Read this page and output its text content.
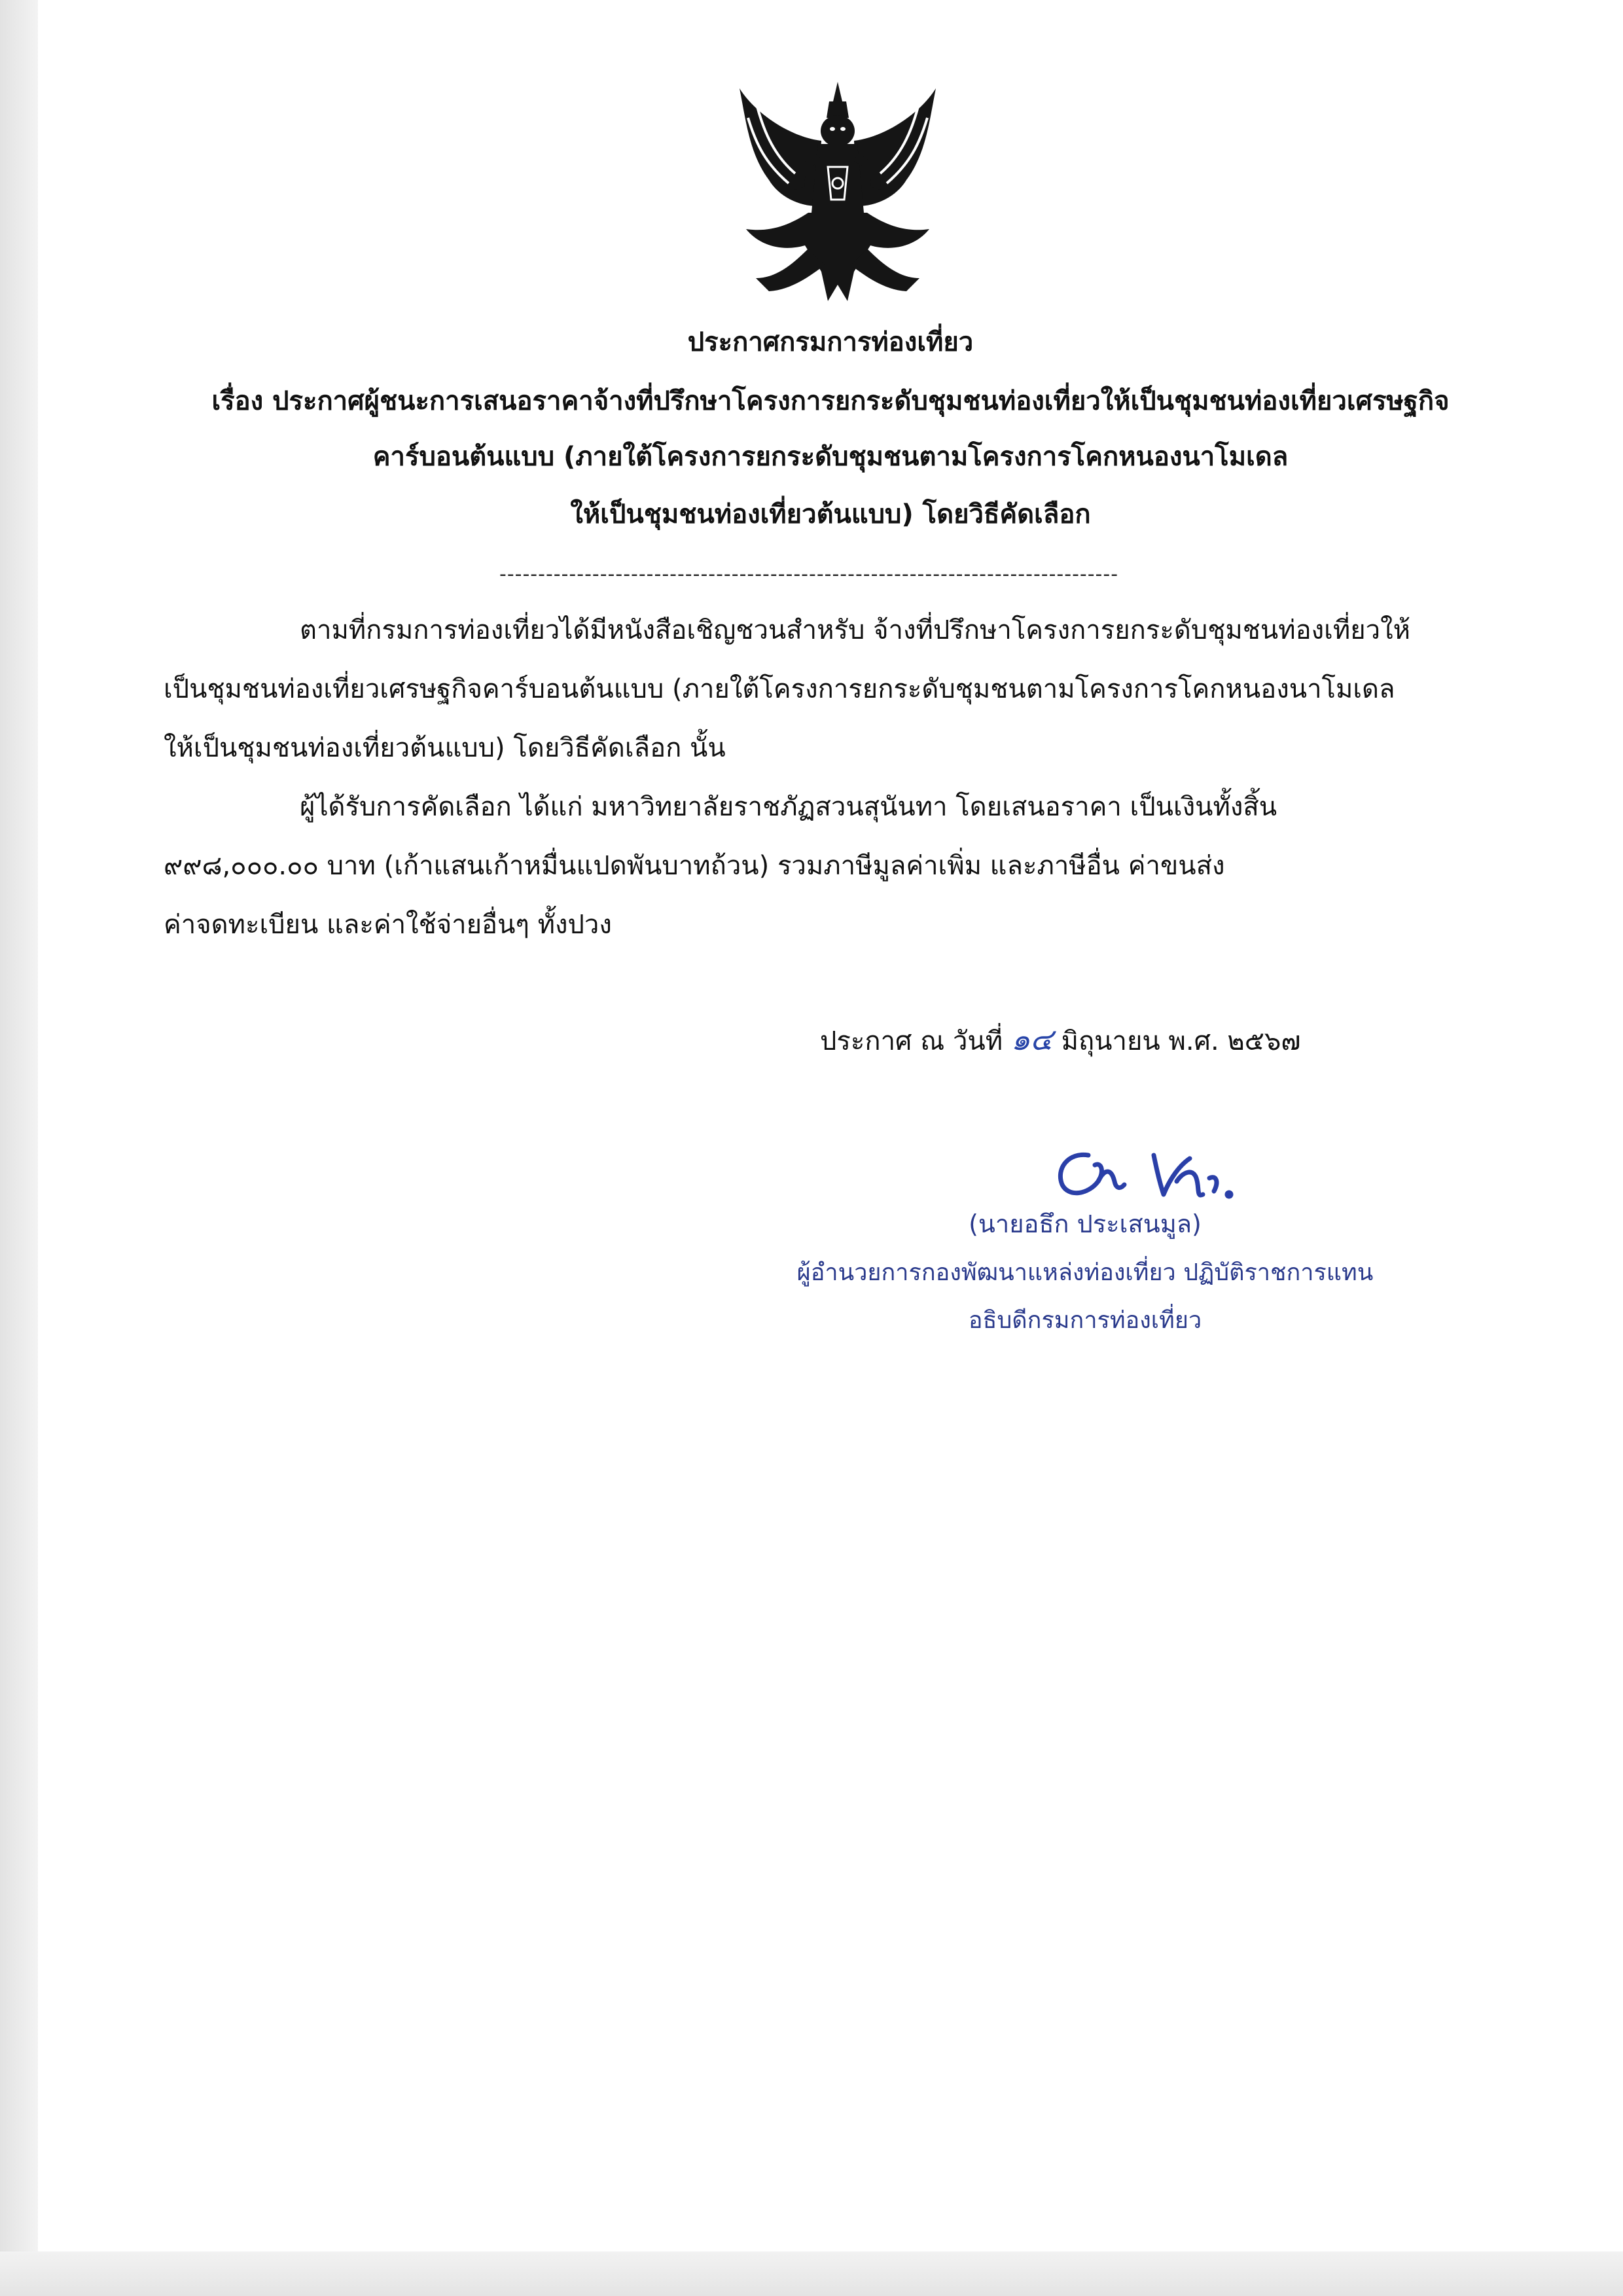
ประกาศกรมการท่องเที่ยว
เรื่อง ประกาศผู้ชนะการเสนอราคาจ้างที่ปรึกษาโครงการยกระดับชุมชนท่องเที่ยวให้เป็นชุมชนท่องเที่ยวเศรษฐกิจ
คาร์บอนต้นแบบ (ภายใต้โครงการยกระดับชุมชนตามโครงการโคกหนองนาโมเดล
ให้เป็นชุมชนท่องเที่ยวต้นแบบ) โดยวิธีคัดเลือก
--------------------------------------------------------------------------------
ตามที่กรมการท่องเที่ยวได้มีหนังสือเชิญชวนสำหรับ จ้างที่ปรึกษาโครงการยกระดับชุมชนท่องเที่ยวให้
เป็นชุมชนท่องเที่ยวเศรษฐกิจคาร์บอนต้นแบบ (ภายใต้โครงการยกระดับชุมชนตามโครงการโคกหนองนาโมเดล
ให้เป็นชุมชนท่องเที่ยวต้นแบบ) โดยวิธีคัดเลือก นั้น
ผู้ได้รับการคัดเลือก ได้แก่ มหาวิทยาลัยราชภัฏสวนสุนันทา โดยเสนอราคา เป็นเงินทั้งสิ้น
๙๙๘,๐๐๐.๐๐ บาท (เก้าแสนเก้าหมื่นแปดพันบาทถ้วน) รวมภาษีมูลค่าเพิ่ม และภาษีอื่น ค่าขนส่ง
ค่าจดทะเบียน และค่าใช้จ่ายอื่นๆ ทั้งปวง
ประกาศ ณ วันที่ ๑๔ มิถุนายน พ.ศ. ๒๕๖๗
(นายอธึก ประเสนมูล)
ผู้อำนวยการกองพัฒนาแหล่งท่องเที่ยว ปฏิบัติราชการแทน
อธิบดีกรมการท่องเที่ยว
